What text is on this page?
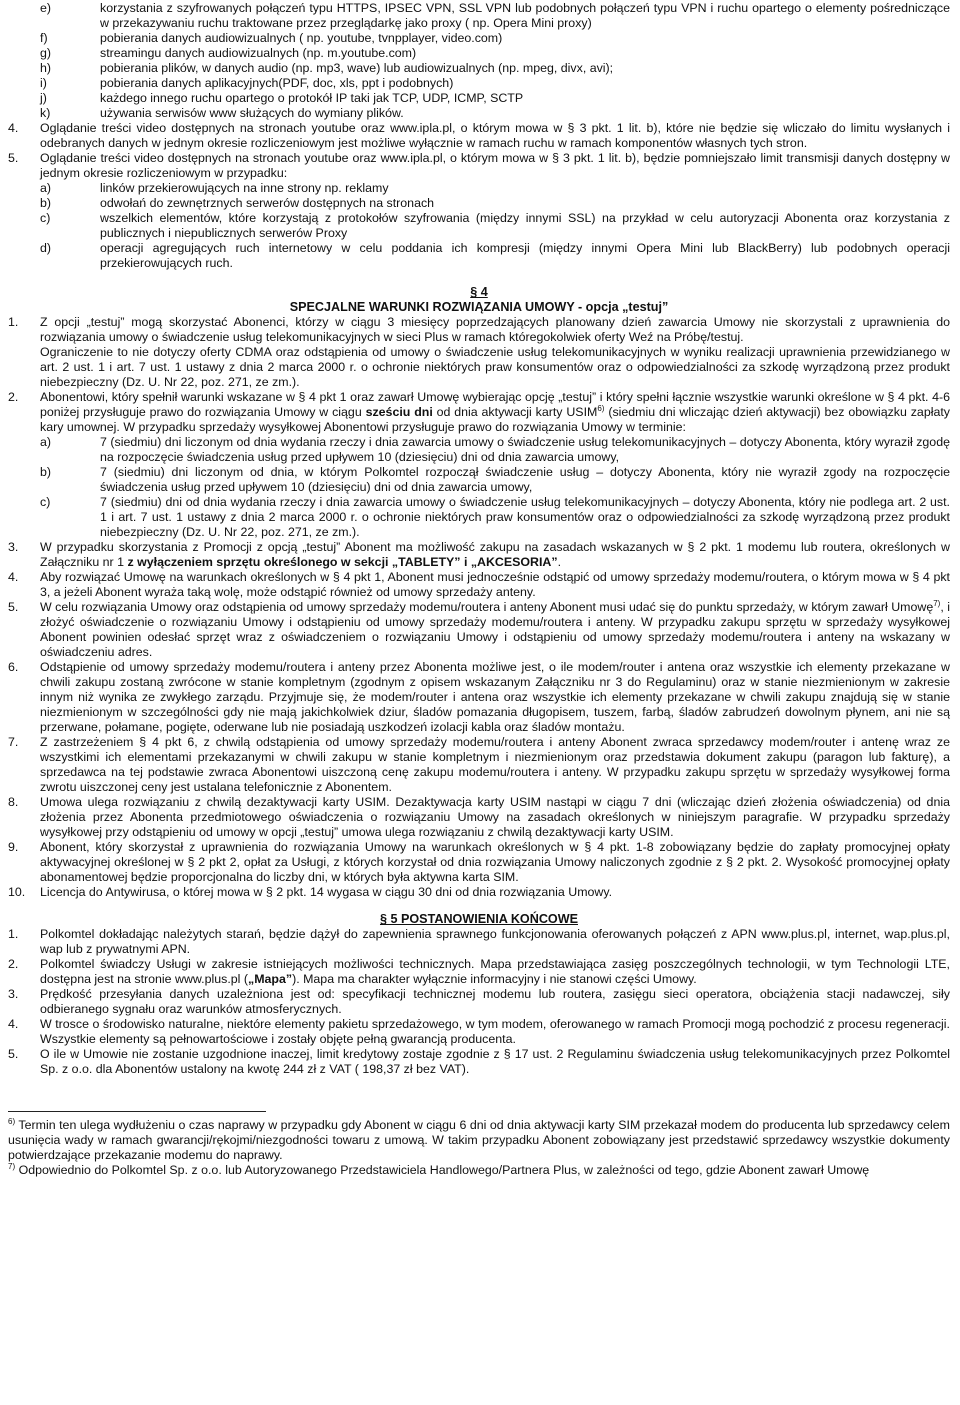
e)	korzystania z szyfrowanych połączeń typu HTTPS, IPSEC VPN, SSL VPN lub podobnych połączeń typu VPN i ruchu opartego o elementy pośredniczące w przekazywaniu ruchu traktowane przez przeglądarkę jako proxy ( np. Opera Mini proxy)
f)	pobierania danych audiowizualnych ( np. youtube, tvnpplayer, video.com)
g)	streamingu danych audiowizualnych (np. m.youtube.com)
h)	pobierania plików, w danych audio (np. mp3, wave) lub audiowizualnych (np. mpeg, divx, avi);
i)	pobierania danych aplikacyjnych(PDF, doc, xls, ppt i podobnych)
j)	każdego innego ruchu opartego o protokół IP taki jak TCP, UDP, ICMP, SCTP
k)	używania serwisów www służących do wymiany plików.
4.	Oglądanie treści video dostępnych na stronach youtube oraz www.ipla.pl, o którym mowa w § 3 pkt. 1 lit. b), które nie będzie się wliczało do limitu wysłanych i odebranych danych w jednym okresie rozliczeniowym jest możliwe wyłącznie w ramach ruchu w ramach komponentów własnych tych stron.
5.	Oglądanie treści video dostępnych na stronach youtube oraz www.ipla.pl, o którym mowa w § 3 pkt. 1 lit. b), będzie pomniejszało limit transmisji danych dostępny w jednym okresie rozliczeniowym w przypadku:
a)	linków przekierowujących na inne strony np. reklamy
b)	odwołań do zewnętrznych serwerów dostępnych na stronach
c)	wszelkich elementów, które korzystają z protokołów szyfrowania (między innymi SSL) na przykład w celu autoryzacji Abonenta oraz korzystania z publicznych i niepublicznych serwerów Proxy
d)	operacji agregujących ruch internetowy w celu poddania ich kompresji (między innymi Opera Mini lub BlackBerry) lub podobnych operacji przekierowujących ruch.
§ 4
SPECJALNE WARUNKI ROZWIĄZANIA UMOWY - opcja „testuj”
1.	Z opcji „testuj” mogą skorzystać Abonenci, którzy w ciągu 3 miesięcy poprzedzających planowany dzień zawarcia Umowy nie skorzystali z uprawnienia do rozwiązania umowy o świadczenie usług telekomunikacyjnych w sieci Plus w ramach któregokolwiek oferty Weź na Próbę/testuj.
Ograniczenie to nie dotyczy oferty CDMA oraz odstąpienia od umowy o świadczenie usług telekomunikacyjnych w wyniku realizacji uprawnienia przewidzianego w art. 2 ust. 1 i art. 7 ust. 1 ustawy z dnia 2 marca 2000 r. o ochronie niektórych praw konsumentów oraz o odpowiedzialności za szkodę wyrządzoną przez produkt niebezpieczny (Dz. U. Nr 22, poz. 271, ze zm.).
2.	Abonentowi, który spełnił warunki wskazane w § 4 pkt 1 oraz zawarł Umowę wybierając opcję „testuj” i który spełni łącznie wszystkie warunki określone w § 4 pkt. 4-6 poniżej przysługuje prawo do rozwiązania Umowy w ciągu sześciu dni od dnia aktywacji karty USIM$^{6)}$ (siedmiu dni wliczając dzień aktywacji) bez obowiązku zapłaty kary umownej. W przypadku sprzedaży wysyłkowej Abonentowi przysługuje prawo do rozwiązania Umowy w terminie:
a)	7 (siedmiu) dni liczonym od dnia wydania rzeczy i dnia zawarcia umowy o świadczenie usług telekomunikacyjnych – dotyczy Abonenta, który wyraził zgodę na rozpoczęcie świadczenia usług przed upływem 10 (dziesięciu) dni od dnia zawarcia umowy,
b)	7 (siedmiu) dni liczonym od dnia, w którym Polkomtel rozpoczął świadczenie usług – dotyczy Abonenta, który nie wyraził zgody na rozpoczęcie świadczenia usług przed upływem 10 (dziesięciu) dni od dnia zawarcia umowy,
c)	7 (siedmiu) dni od dnia wydania rzeczy i dnia zawarcia umowy o świadczenie usług telekomunikacyjnych – dotyczy Abonenta, który nie podlega art. 2 ust. 1 i art. 7 ust. 1 ustawy z dnia 2 marca 2000 r. o ochronie niektórych praw konsumentów oraz o odpowiedzialności za szkodę wyrządzoną przez produkt niebezpieczny (Dz. U. Nr 22, poz. 271, ze zm.).
3.	W przypadku skorzystania z Promocji z opcją „testuj” Abonent ma możliwość zakupu na zasadach wskazanych w § 2 pkt. 1 modemu lub routera, określonych w Załączniku nr 1 z wyłączeniem sprzętu określonego w sekcji „TABLETY” i „AKCESORIA”.
4.	Aby rozwiązać Umowę na warunkach określonych w § 4 pkt 1, Abonent musi jednocześnie odstąpić od umowy sprzedaży modemu/routera, o którym mowa w § 4 pkt 3, a jeżeli Abonent wyraża taką wolę, może odstąpić również od umowy sprzedaży anteny.
5.	W celu rozwiązania Umowy oraz odstąpienia od umowy sprzedaży modemu/routera i anteny Abonent musi udać się do punktu sprzedaży, w którym zawarł Umowę$^{7)}$, i złożyć oświadczenie o rozwiązaniu Umowy i odstąpieniu od umowy sprzedaży modemu/routera i anteny. W przypadku zakupu sprzętu w sprzedaży wysyłkowej Abonent powinien odesłać sprzęt wraz z oświadczeniem o rozwiązaniu Umowy i odstąpieniu od umowy sprzedaży modemu/routera i anteny na wskazany w oświadczeniu adres.
6.	Odstąpienie od umowy sprzedaży modemu/routera i anteny przez Abonenta możliwe jest, o ile modem/router i antena oraz wszystkie ich elementy przekazane w chwili zakupu zostaną zwrócone w stanie kompletnym (zgodnym z opisem wskazanym Załączniku nr 3 do Regulaminu) oraz w stanie niezmienionym w zakresie innym niż wynika ze zwykłego zarządu. Przyjmuje się, że modem/router i antena oraz wszystkie ich elementy przekazane w chwili zakupu znajdują się w stanie niezmienionym w szczególności gdy nie mają jakichkolwiek dziur, śladów pomazania długopisem, tuszem, farbą, śladów zabrudzeń dowolnym płynem, ani nie są przerwane, połamane, pogięte, oderwane lub nie posiadają uszkodzeń izolacji kabla oraz śladów montażu.
7.	Z zastrzeżeniem § 4 pkt 6, z chwilą odstąpienia od umowy sprzedaży modemu/routera i anteny Abonent zwraca sprzedawcy modem/router i antenę wraz ze wszystkimi ich elementami przekazanymi w chwili zakupu w stanie kompletnym i niezmienionym oraz przedstawia dokument zakupu (paragon lub fakturę), a sprzedawca na tej podstawie zwraca Abonentowi uiszczoną cenę zakupu modemu/routera i anteny. W przypadku zakupu sprzętu w sprzedaży wysyłkowej forma zwrotu uiszczonej ceny jest ustalana telefonicznie z Abonentem.
8.	Umowa ulega rozwiązaniu z chwilą dezaktywacji karty USIM. Dezaktywacja karty USIM nastąpi w ciągu 7 dni (wliczając dzień złożenia oświadczenia) od dnia złożenia przez Abonenta przedmiotowego oświadczenia o rozwiązaniu Umowy na zasadach określonych w niniejszym paragrafie. W przypadku sprzedaży wysyłkowej przy odstąpieniu od umowy w opcji „testuj” umowa ulega rozwiązaniu z chwilą dezaktywacji karty USIM.
9.	Abonent, który skorzystał z uprawnienia do rozwiązania Umowy na warunkach określonych w § 4 pkt. 1-8 zobowiązany będzie do zapłaty promocyjnej opłaty aktywacyjnej określonej w § 2 pkt 2, opłat za Usługi, z których korzystał od dnia rozwiązania Umowy naliczonych zgodnie z § 2 pkt. 2. Wysokość promocyjnej opłaty abonamentowej będzie proporcjonalna do liczby dni, w których była aktywna karta SIM.
10.	Licencja do Antywirusa, o której mowa w § 2 pkt. 14 wygasa w ciągu 30 dni od dnia rozwiązania Umowy.
§ 5 POSTANOWIENIA KOŃCOWE
1.	Polkomtel dokładając należytych starań, będzie dążył do zapewnienia sprawnego funkcjonowania oferowanych połączeń z APN www.plus.pl, internet, wap.plus.pl, wap lub z prywatnymi APN.
2.	Polkomtel świadczy Usługi w zakresie istniejących możliwości technicznych. Mapa przedstawiająca zasięg poszczególnych technologii, w tym Technologii LTE, dostępna jest na stronie www.plus.pl („Mapa”). Mapa ma charakter wyłącznie informacyjny i nie stanowi części Umowy.
3.	Prędkość przesyłania danych uzależniona jest od: specyfikacji technicznej modemu lub routera, zasięgu sieci operatora, obciążenia stacji nadawczej, siły odbieranego sygnału oraz warunków atmosferycznych.
4.	W trosce o środowisko naturalne, niektóre elementy pakietu sprzedażowego, w tym modem, oferowanego w ramach Promocji mogą pochodzić z procesu regeneracji. Wszystkie elementy są pełnowartościowe i zostały objęte pełną gwarancją producenta.
5.	O ile w Umowie nie zostanie uzgodnione inaczej, limit kredytowy zostaje zgodnie z § 17 ust. 2 Regulaminu świadczenia usług telekomunikacyjnych przez Polkomtel Sp. z o.o. dla Abonentów ustalony na kwotę 244 zł z VAT ( 198,37 zł bez VAT).
$^{6)}$ Termin ten ulega wydłużeniu o czas naprawy w przypadku gdy Abonent w ciągu 6 dni od dnia aktywacji karty SIM przekazał modem do producenta lub sprzedawcy celem usunięcia wady w ramach gwarancji/rękojmi/niezgodności towaru z umową. W takim przypadku Abonent zobowiązany jest przedstawić sprzedawcy wszystkie dokumenty potwierdzające przekazanie modemu do naprawy.
$^{7)}$ Odpowiednio do Polkomtel Sp. z o.o. lub Autoryzowanego Przedstawiciela Handlowego/Partnera Plus, w zależności od tego, gdzie Abonent zawarł Umowę
